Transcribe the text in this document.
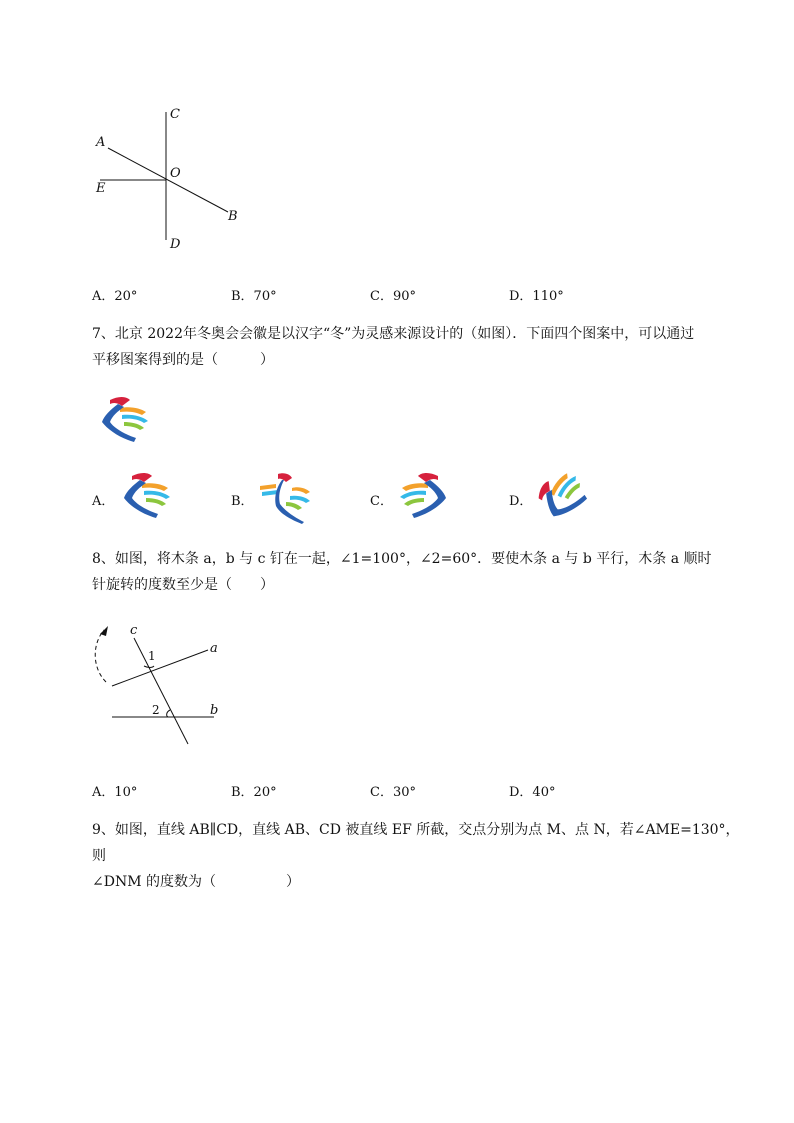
C
A
O
E
B
D
A．20°	B．70°	C．90°	D．110°
7、北京 2022年冬奥会会徽是以汉字“冬”为灵感来源设计的（如图）．下面四个图案中，可以通过
平移图案得到的是（　　　）
A．	B．	C．	D．
8、如图，将木条 a，b 与 c 钉在一起，∠1=100°，∠2=60°．要使木条 a 与 b 平行，木条 a 顺时
针旋转的度数至少是（　　）
c
a
b
1
2
A．10°	B．20°	C．30°	D．40°
9、如图，直线 AB∥CD，直线 AB、CD 被直线 EF 所截，交点分别为点 M、点 N，若∠AME=130°，则
∠DNM 的度数为（　　　　　）
